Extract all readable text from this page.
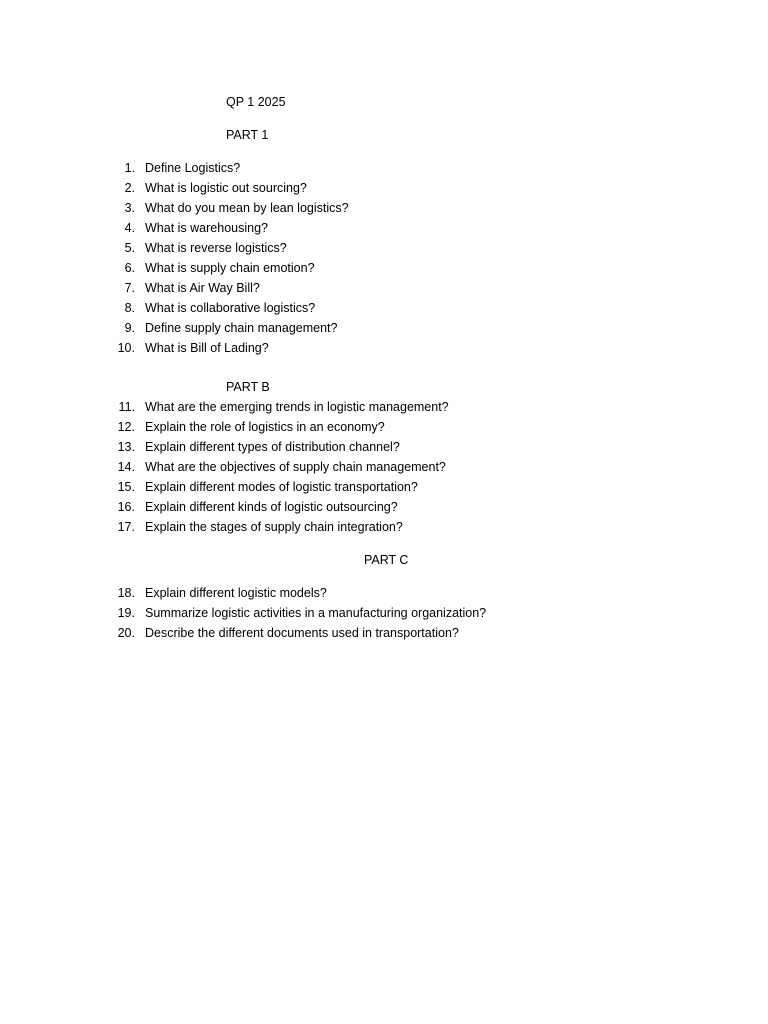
QP 1 2025
PART 1
1. Define Logistics?
2. What is logistic out sourcing?
3. What do you mean by lean logistics?
4. What is warehousing?
5. What is reverse logistics?
6. What is supply chain emotion?
7. What is Air Way Bill?
8. What is collaborative logistics?
9. Define supply chain management?
10. What is Bill of Lading?
PART B
11. What are the emerging trends in logistic management?
12. Explain the role of logistics in an economy?
13. Explain different types of distribution channel?
14. What are the objectives of supply chain management?
15. Explain different modes of logistic transportation?
16. Explain different kinds of logistic outsourcing?
17. Explain the stages of supply chain integration?
PART C
18. Explain different logistic models?
19. Summarize logistic activities in a manufacturing organization?
20. Describe the different documents used in transportation?
